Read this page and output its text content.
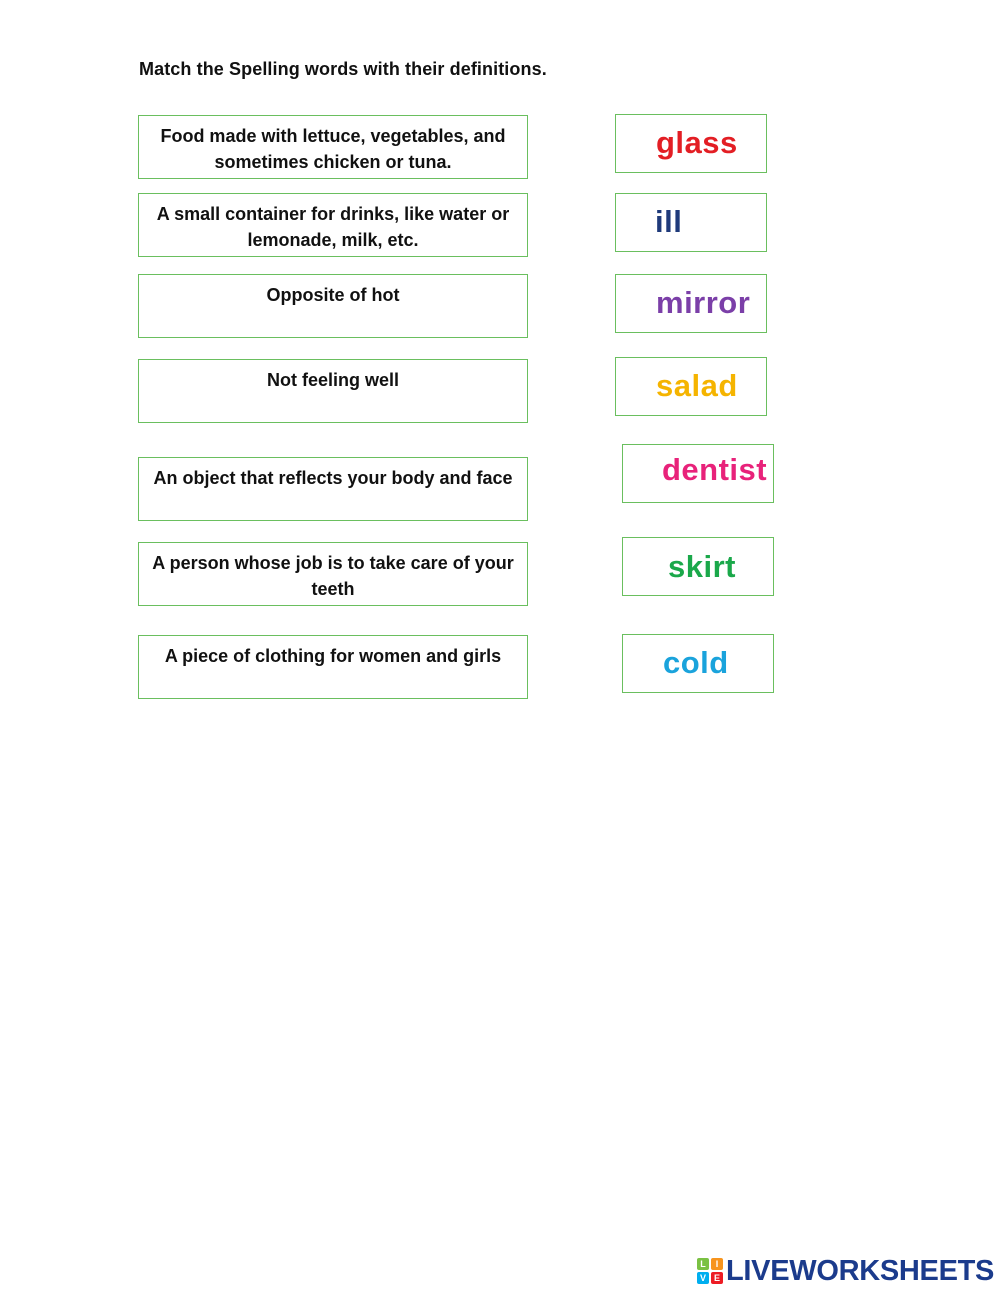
Match the Spelling words with their definitions.
Food made with lettuce, vegetables, and sometimes chicken or tuna.
A small container for drinks, like water or lemonade, milk, etc.
Opposite of hot
Not feeling well
An object that reflects your body and face
A person whose job is to take care of your teeth
A piece of clothing for women and girls
glass
ill
mirror
salad
dentist
skirt
cold
L	I
V E LIVEWORKSHEETS
